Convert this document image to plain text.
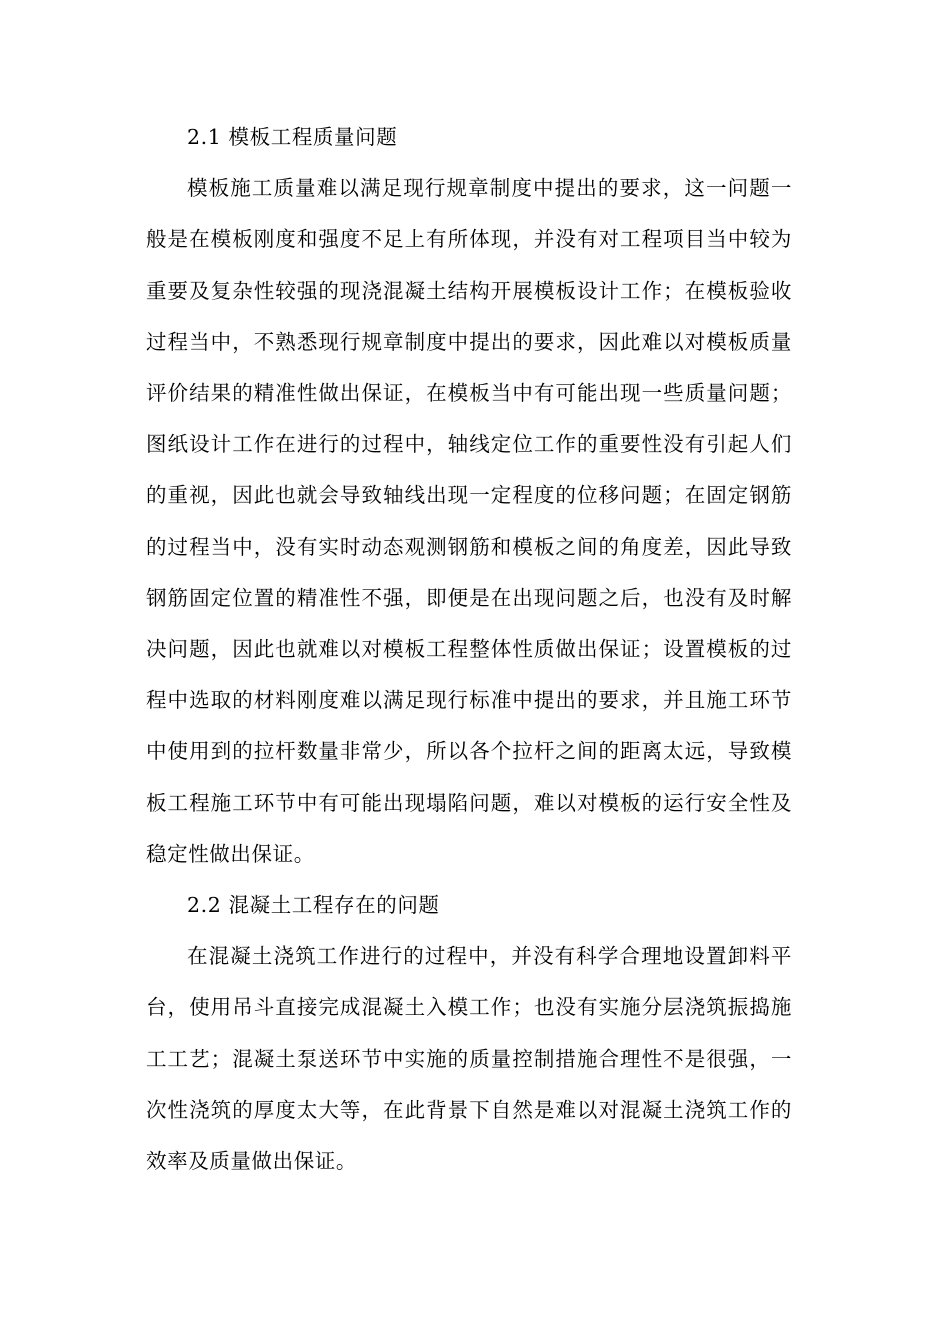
2.1 模板工程质量问题

模板施工质量难以满足现行规章制度中提出的要求，这一问题一般是在模板刚度和强度不足上有所体现，并没有对工程项目当中较为重要及复杂性较强的现浇混凝土结构开展模板设计工作；在模板验收过程当中，不熟悉现行规章制度中提出的要求，因此难以对模板质量评价结果的精准性做出保证，在模板当中有可能出现一些质量问题；图纸设计工作在进行的过程中，轴线定位工作的重要性没有引起人们的重视，因此也就会导致轴线出现一定程度的位移问题；在固定钢筋的过程当中，没有实时动态观测钢筋和模板之间的角度差，因此导致钢筋固定位置的精准性不强，即便是在出现问题之后，也没有及时解决问题，因此也就难以对模板工程整体性质做出保证；设置模板的过程中选取的材料刚度难以满足现行标准中提出的要求，并且施工环节中使用到的拉杆数量非常少，所以各个拉杆之间的距离太远，导致模板工程施工环节中有可能出现塌陷问题，难以对模板的运行安全性及稳定性做出保证。

2.2 混凝土工程存在的问题

在混凝土浇筑工作进行的过程中，并没有科学合理地设置卸料平台，使用吊斗直接完成混凝土入模工作；也没有实施分层浇筑振捣施工工艺；混凝土泵送环节中实施的质量控制措施合理性不是很强，一次性浇筑的厚度太大等，在此背景下自然是难以对混凝土浇筑工作的效率及质量做出保证。
